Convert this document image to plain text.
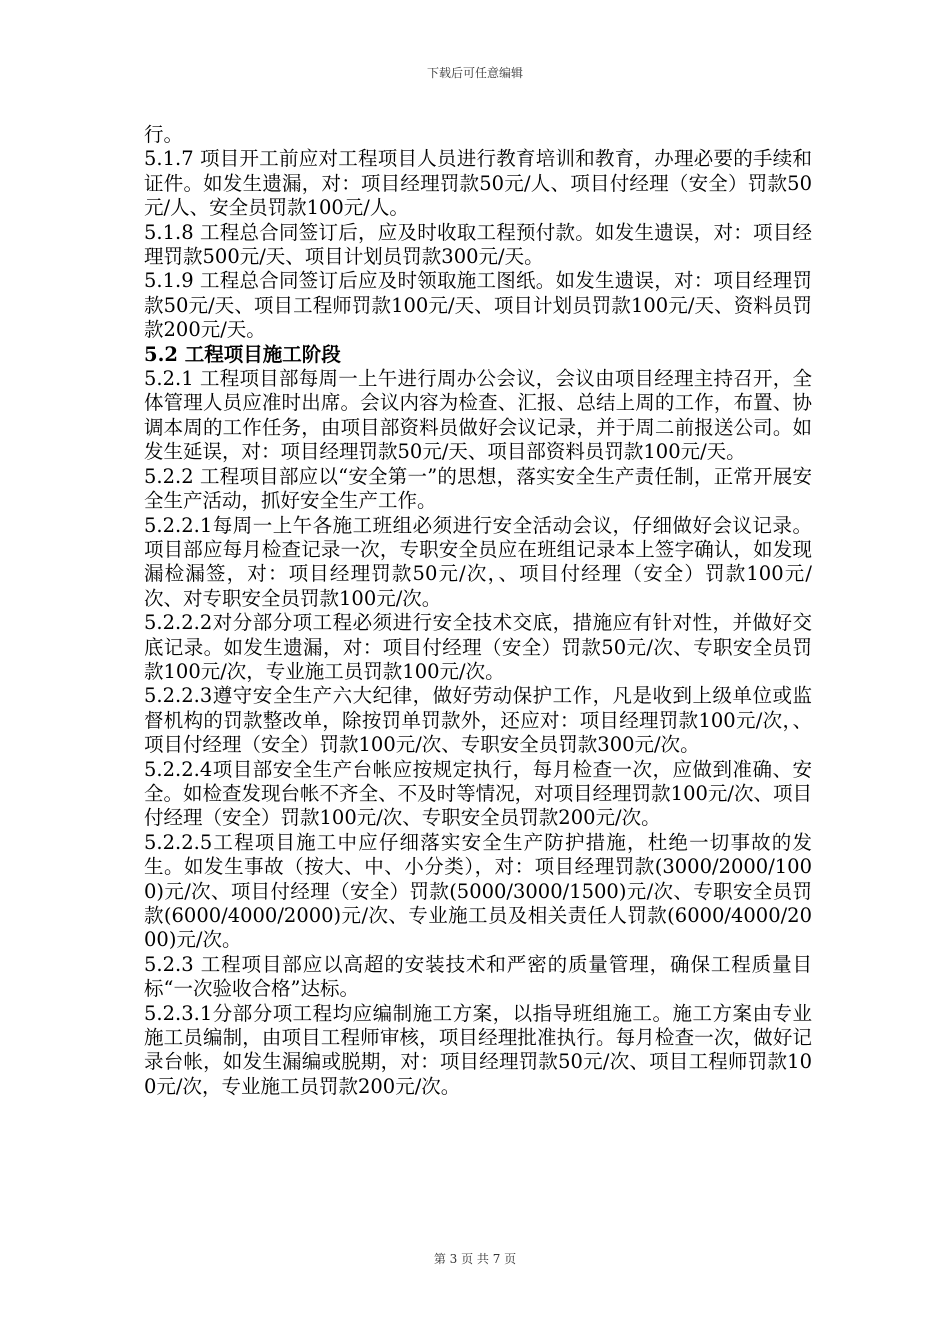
下载后可任意编辑

行。

5.1.7 项目开工前应对工程项目人员进行教育培训和教育，办理必要的手续和证件。如发生遗漏，对：项目经理罚款50元/人、项目付经理（安全）罚款50元/人、安全员罚款100元/人。

5.1.8 工程总合同签订后，应及时收取工程预付款。如发生遗误，对：项目经理罚款500元/天、项目计划员罚款300元/天。

5.1.9 工程总合同签订后应及时领取施工图纸。如发生遗误，对：项目经理罚款50元/天、项目工程师罚款100元/天、项目计划员罚款100元/天、资料员罚款200元/天。

5.2 工程项目施工阶段

5.2.1 工程项目部每周一上午进行周办公会议，会议由项目经理主持召开，全体管理人员应准时出席。会议内容为检查、汇报、总结上周的工作，布置、协调本周的工作任务，由项目部资料员做好会议记录，并于周二前报送公司。如发生延误，对：项目经理罚款50元/天、项目部资料员罚款100元/天。

5.2.2 工程项目部应以“安全第一”的思想，落实安全生产责任制，正常开展安全生产活动，抓好安全生产工作。

5.2.2.1每周一上午各施工班组必须进行安全活动会议，仔细做好会议记录。项目部应每月检查记录一次，专职安全员应在班组记录本上签字确认，如发现漏检漏签，对：项目经理罚款50元/次，、项目付经理（安全）罚款100元/次、对专职安全员罚款100元/次。

5.2.2.2对分部分项工程必须进行安全技术交底，措施应有针对性，并做好交底记录。如发生遗漏，对：项目付经理（安全）罚款50元/次、专职安全员罚款100元/次，专业施工员罚款100元/次。

5.2.2.3遵守安全生产六大纪律，做好劳动保护工作，凡是收到上级单位或监督机构的罚款整改单，除按罚单罚款外，还应对：项目经理罚款100元/次，、项目付经理（安全）罚款100元/次、专职安全员罚款300元/次。

5.2.2.4项目部安全生产台帐应按规定执行，每月检查一次，应做到准确、安全。如检查发现台帐不齐全、不及时等情况，对项目经理罚款100元/次、项目付经理（安全）罚款100元/次、专职安全员罚款200元/次。

5.2.2.5工程项目施工中应仔细落实安全生产防护措施，杜绝一切事故的发生。如发生事故（按大、中、小分类），对：项目经理罚款(3000/2000/1000)元/次、项目付经理（安全）罚款(5000/3000/1500)元/次、专职安全员罚款(6000/4000/2000)元/次、专业施工员及相关责任人罚款(6000/4000/2000)元/次。

5.2.3 工程项目部应以高超的安装技术和严密的质量管理，确保工程质量目标“一次验收合格”达标。

5.2.3.1分部分项工程均应编制施工方案，以指导班组施工。施工方案由专业施工员编制，由项目工程师审核，项目经理批准执行。每月检查一次，做好记录台帐，如发生漏编或脱期，对：项目经理罚款50元/次、项目工程师罚款100元/次，专业施工员罚款200元/次。

第 3 页 共 7 页
